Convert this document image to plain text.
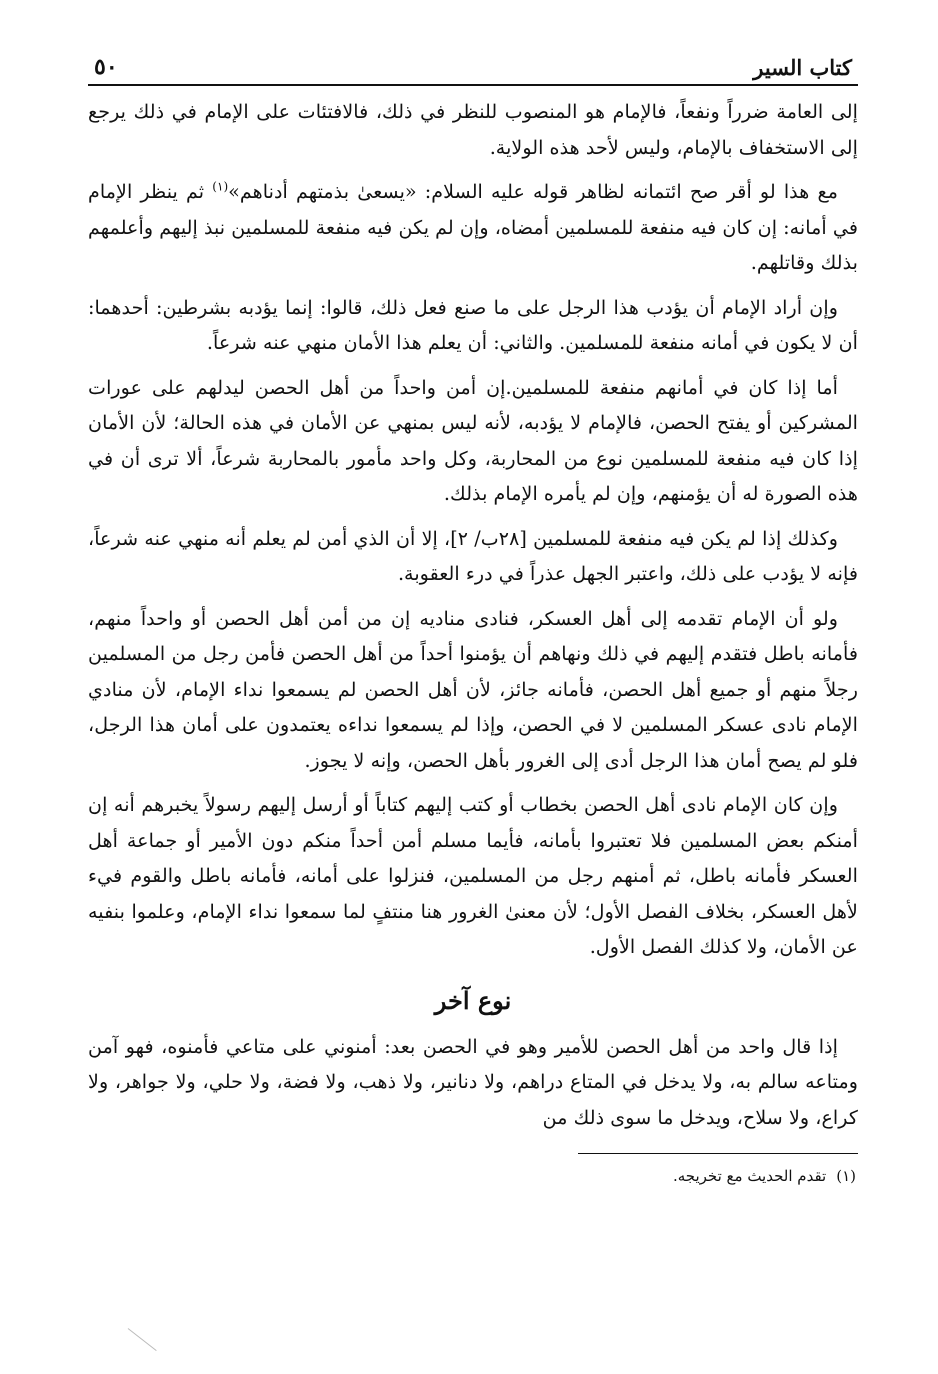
كتاب السير
٥٠

إلى العامة ضرراً ونفعاً، فالإمام هو المنصوب للنظر في ذلك، فالافتئات على الإمام في ذلك يرجع إلى الاستخفاف بالإمام، وليس لأحد هذه الولاية.

مع هذا لو أقر صح ائتمانه لظاهر قوله عليه السلام: «يسعىٰ بذمتهم أدناهم»$^{(١)}$ ثم ينظر الإمام في أمانه: إن كان فيه منفعة للمسلمين أمضاه، وإن لم يكن فيه منفعة للمسلمين نبذ إليهم وأعلمهم بذلك وقاتلهم.

وإن أراد الإمام أن يؤدب هذا الرجل على ما صنع فعل ذلك، قالوا: إنما يؤدبه بشرطين: أحدهما: أن لا يكون في أمانه منفعة للمسلمين. والثاني: أن يعلم هذا الأمان منهي عنه شرعاً.

أما إذا كان في أمانهم منفعة للمسلمين.إن أمن واحداً من أهل الحصن ليدلهم على عورات المشركين أو يفتح الحصن، فالإمام لا يؤدبه، لأنه ليس بمنهي عن الأمان في هذه الحالة؛ لأن الأمان إذا كان فيه منفعة للمسلمين نوع من المحاربة، وكل واحد مأمور بالمحاربة شرعاً، ألا ترى أن في هذه الصورة له أن يؤمنهم، وإن لم يأمره الإمام بذلك.

وكذلك إذا لم يكن فيه منفعة للمسلمين [٢٨ب/ ٢]، إلا أن الذي أمن لم يعلم أنه منهي عنه شرعاً، فإنه لا يؤدب على ذلك، واعتبر الجهل عذراً في درء العقوبة.

ولو أن الإمام تقدمه إلى أهل العسكر، فنادى مناديه إن من أمن أهل الحصن أو واحداً منهم، فأمانه باطل فتقدم إليهم في ذلك ونهاهم أن يؤمنوا أحداً من أهل الحصن فأمن رجل من المسلمين رجلاً منهم أو جميع أهل الحصن، فأمانه جائز، لأن أهل الحصن لم يسمعوا نداء الإمام، لأن منادي الإمام نادى عسكر المسلمين لا في الحصن، وإذا لم يسمعوا نداءه يعتمدون على أمان هذا الرجل، فلو لم يصح أمان هذا الرجل أدى إلى الغرور بأهل الحصن، وإنه لا يجوز.

وإن كان الإمام نادى أهل الحصن بخطاب أو كتب إليهم كتاباً أو أرسل إليهم رسولاً يخبرهم أنه إن أمنكم بعض المسلمين فلا تعتبروا بأمانه، فأيما مسلم أمن أحداً منكم دون الأمير أو جماعة أهل العسكر فأمانه باطل، ثم أمنهم رجل من المسلمين، فنزلوا على أمانه، فأمانه باطل والقوم فيء لأهل العسكر، بخلاف الفصل الأول؛ لأن معنىٰ الغرور هنا منتفٍ لما سمعوا نداء الإمام، وعلموا بنفيه عن الأمان، ولا كذلك الفصل الأول.

نوع آخر

إذا قال واحد من أهل الحصن للأمير وهو في الحصن بعد: أمنوني على متاعي فأمنوه، فهو آمن ومتاعه سالم به، ولا يدخل في المتاع دراهم، ولا دنانير، ولا ذهب، ولا فضة، ولا حلي، ولا جواهر، ولا كراع، ولا سلاح، ويدخل ما سوى ذلك من

(١)تقدم الحديث مع تخريجه.
